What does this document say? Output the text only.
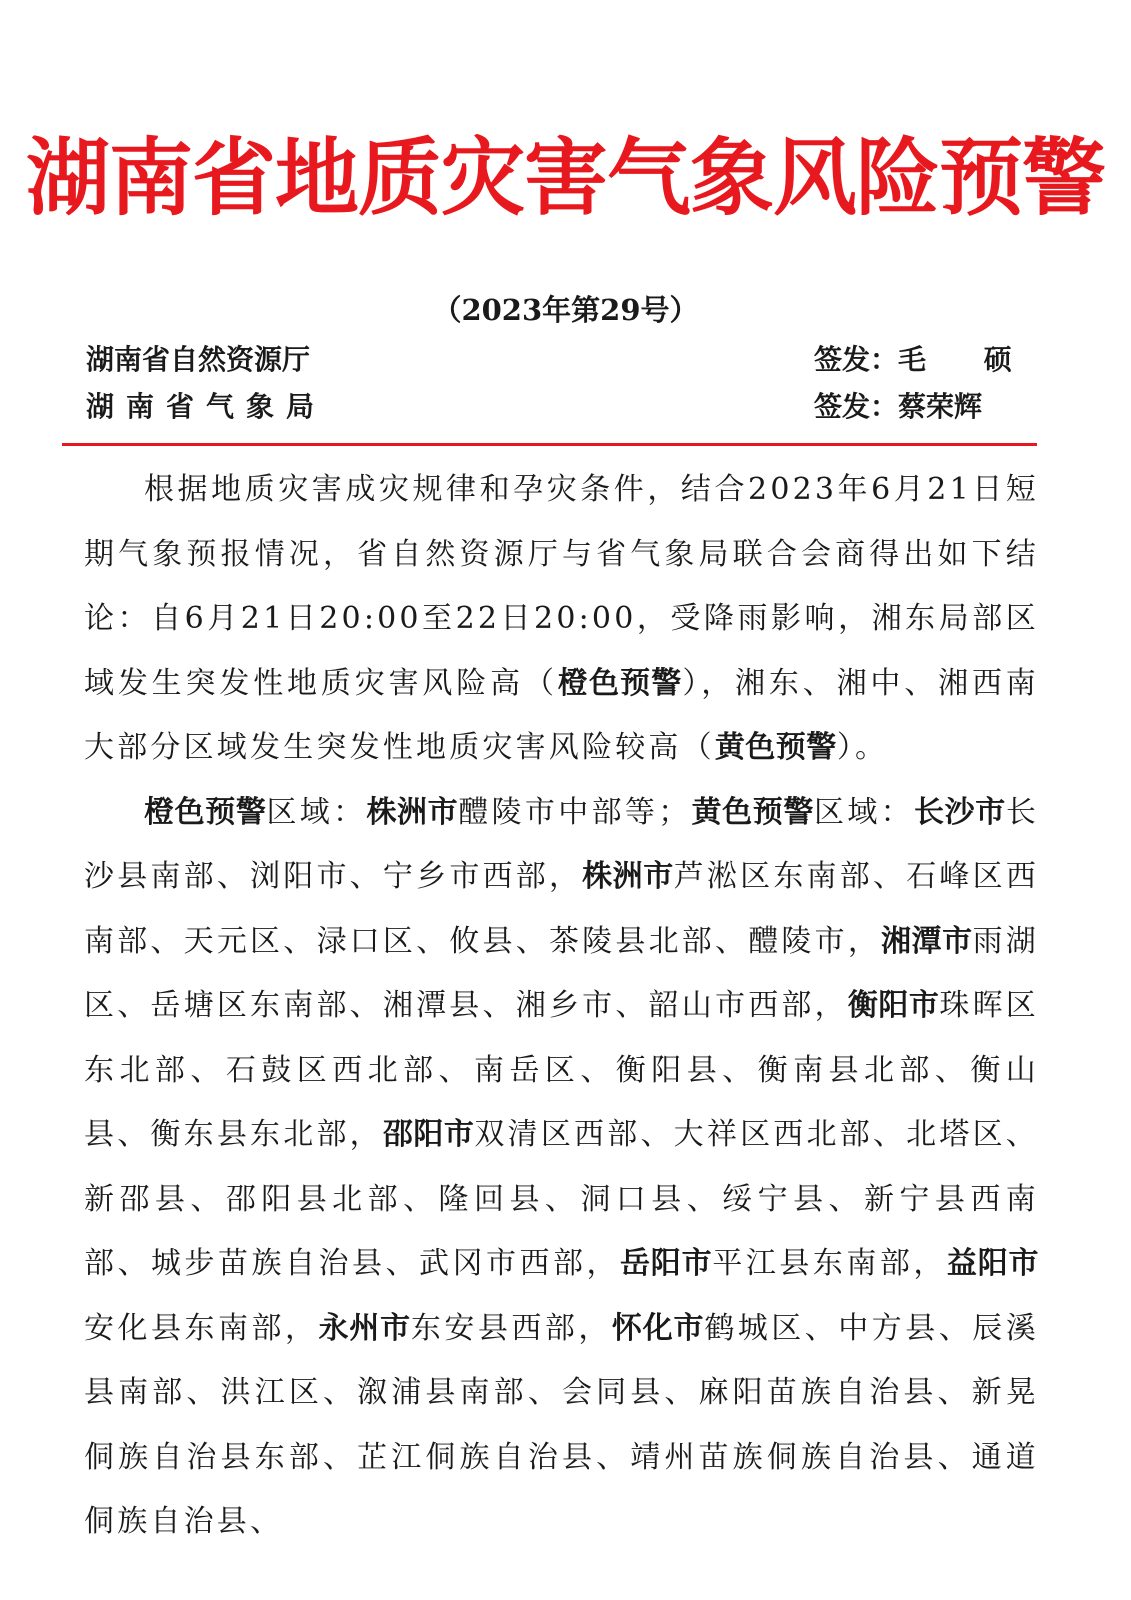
湖南省地质灾害气象风险预警
（2023年第29号）
湖南省自然资源厅
湖南省气象局
签发：毛 硕
签发：蔡荣辉

根据地质灾害成灾规律和孕灾条件，结合2023年6月21日短期气象预报情况，省自然资源厅与省气象局联合会商得出如下结论：自6月21日20:00至22日20:00，受降雨影响，湘东局部区域发生突发性地质灾害风险高（橙色预警），湘东、湘中、湘西南大部分区域发生突发性地质灾害风险较高（黄色预警）。

橙色预警区域：株洲市醴陵市中部等；黄色预警区域：长沙市长沙县南部、浏阳市、宁乡市西部，株洲市芦淞区东南部、石峰区西南部、天元区、渌口区、攸县、茶陵县北部、醴陵市，湘潭市雨湖区、岳塘区东南部、湘潭县、湘乡市、韶山市西部，衡阳市珠晖区东北部、石鼓区西北部、南岳区、衡阳县、衡南县北部、衡山县、衡东县东北部，邵阳市双清区西部、大祥区西北部、北塔区、新邵县、邵阳县北部、隆回县、洞口县、绥宁县、新宁县西南部、城步苗族自治县、武冈市西部，岳阳市平江县东南部，益阳市安化县东南部，永州市东安县西部，怀化市鹤城区、中方县、辰溪县南部、洪江区、溆浦县南部、会同县、麻阳苗族自治县、新晃侗族自治县东部、芷江侗族自治县、靖州苗族侗族自治县、通道侗族自治县、
